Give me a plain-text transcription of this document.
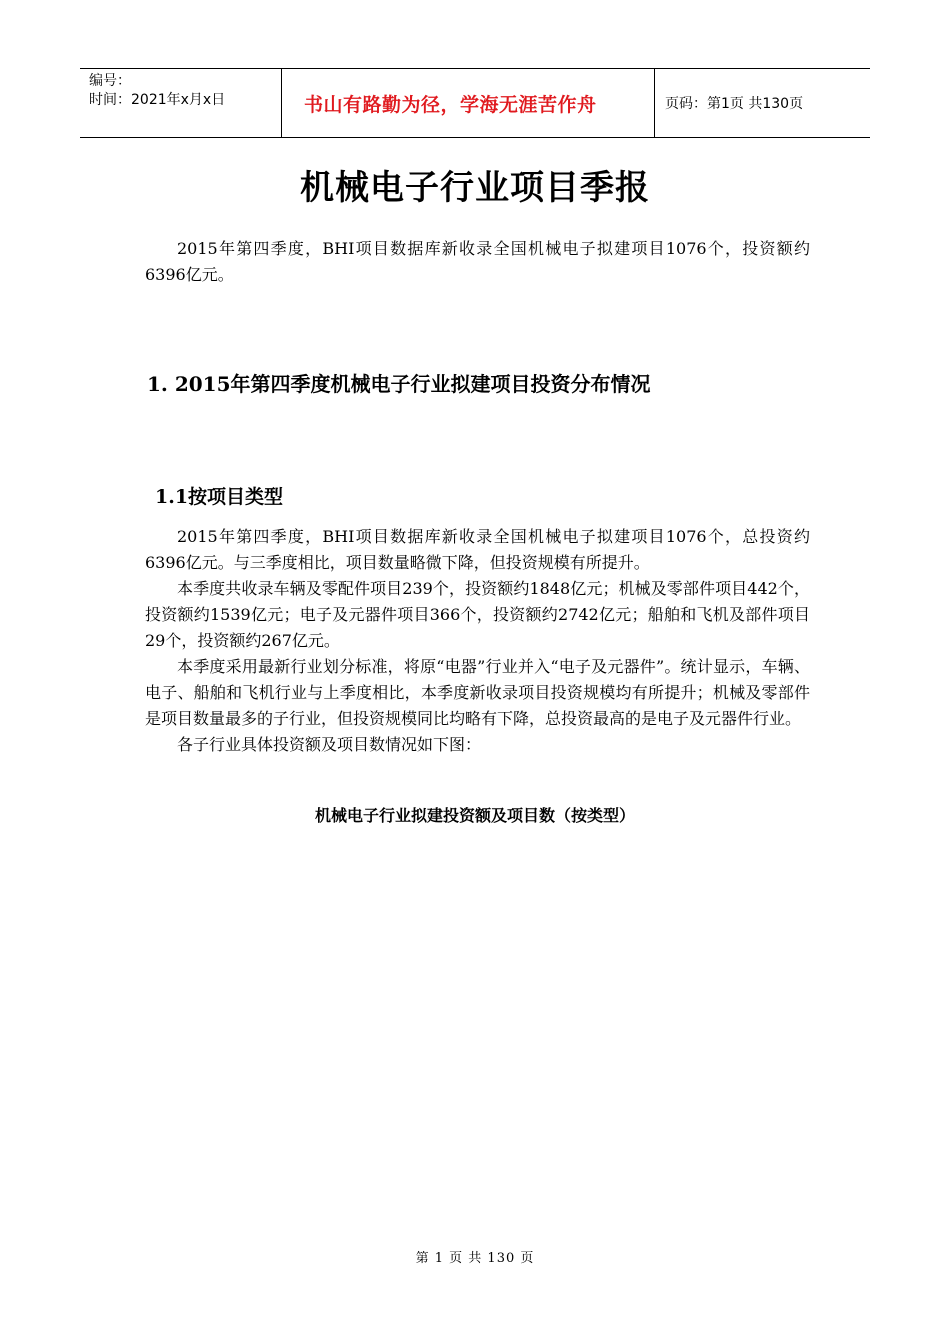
编号：
时间：2021年x月x日	书山有路勤为径，学海无涯苦作舟	页码：第1页 共130页
机械电子行业项目季报

2015年第四季度，BHI项目数据库新收录全国机械电子拟建项目1076个，投资额约6396亿元。

1. 2015年第四季度机械电子行业拟建项目投资分布情况
1.1按项目类型

2015年第四季度，BHI项目数据库新收录全国机械电子拟建项目1076个，总投资约6396亿元。与三季度相比，项目数量略微下降，但投资规模有所提升。

本季度共收录车辆及零配件项目239个，投资额约1848亿元；机械及零部件项目442个，投资额约1539亿元；电子及元器件项目366个，投资额约2742亿元；船舶和飞机及部件项目29个，投资额约267亿元。

本季度采用最新行业划分标准，将原“电器”行业并入“电子及元器件”。统计显示，车辆、电子、船舶和飞机行业与上季度相比，本季度新收录项目投资规模均有所提升；机械及零部件是项目数量最多的子行业，但投资规模同比均略有下降，总投资最高的是电子及元器件行业。

各子行业具体投资额及项目数情况如下图：

机械电子行业拟建投资额及项目数（按类型）
第 1 页 共 130 页
